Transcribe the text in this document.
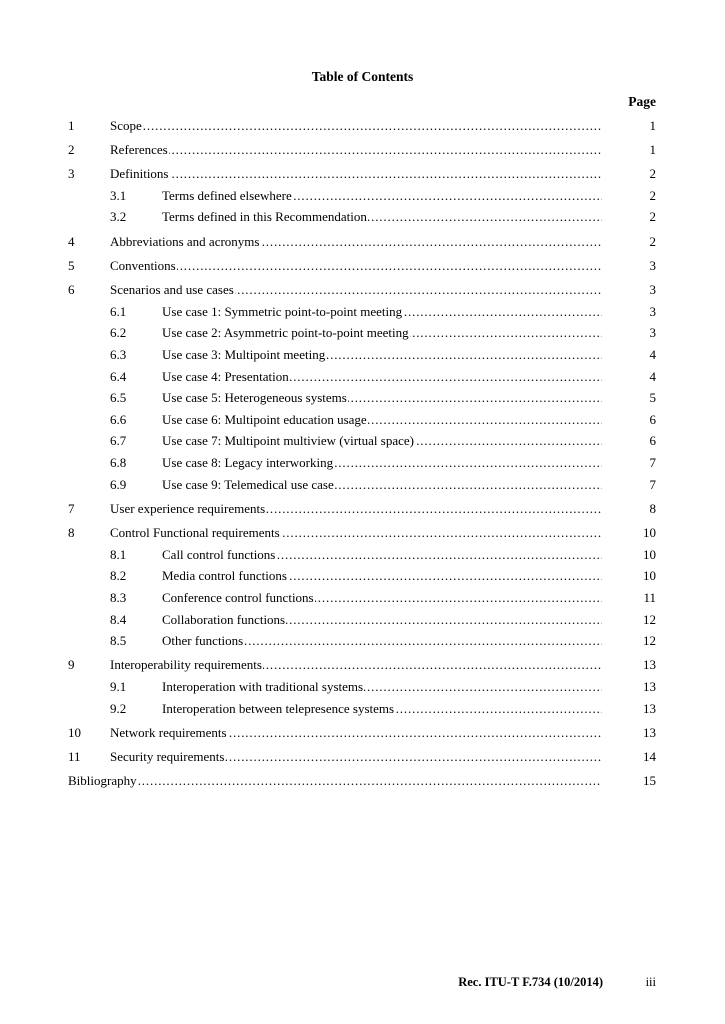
Table of Contents
Page
1	Scope . . .	1
2	References . . .	1
3	Definitions . . .	2
3.1	Terms defined elsewhere . . .	2
3.2	Terms defined in this Recommendation . . .	2
4	Abbreviations and acronyms . . .	2
5	Conventions . . .	3
6	Scenarios and use cases . . .	3
6.1	Use case 1: Symmetric point-to-point meeting . . .	3
6.2	Use case 2: Asymmetric point-to-point meeting . . .	3
6.3	Use case 3: Multipoint meeting . . .	4
6.4	Use case 4: Presentation . . .	4
6.5	Use case 5: Heterogeneous systems . . .	5
6.6	Use case 6: Multipoint education usage . . .	6
6.7	Use case 7: Multipoint multiview (virtual space) . . .	6
6.8	Use case 8: Legacy interworking . . .	7
6.9	Use case 9: Telemedical use case . . .	7
7	User experience requirements . . .	8
8	Control Functional requirements . . .	10
8.1	Call control functions . . .	10
8.2	Media control functions . . .	10
8.3	Conference control functions . . .	11
8.4	Collaboration functions . . .	12
8.5	Other functions . . .	12
9	Interoperability requirements . . .	13
9.1	Interoperation with traditional systems . . .	13
9.2	Interoperation between telepresence systems . . .	13
10 Network requirements . . .	13
11 Security requirements . . .	14
Bibliography . . .	15
Rec. ITU-T F.734 (10/2014)	iii
